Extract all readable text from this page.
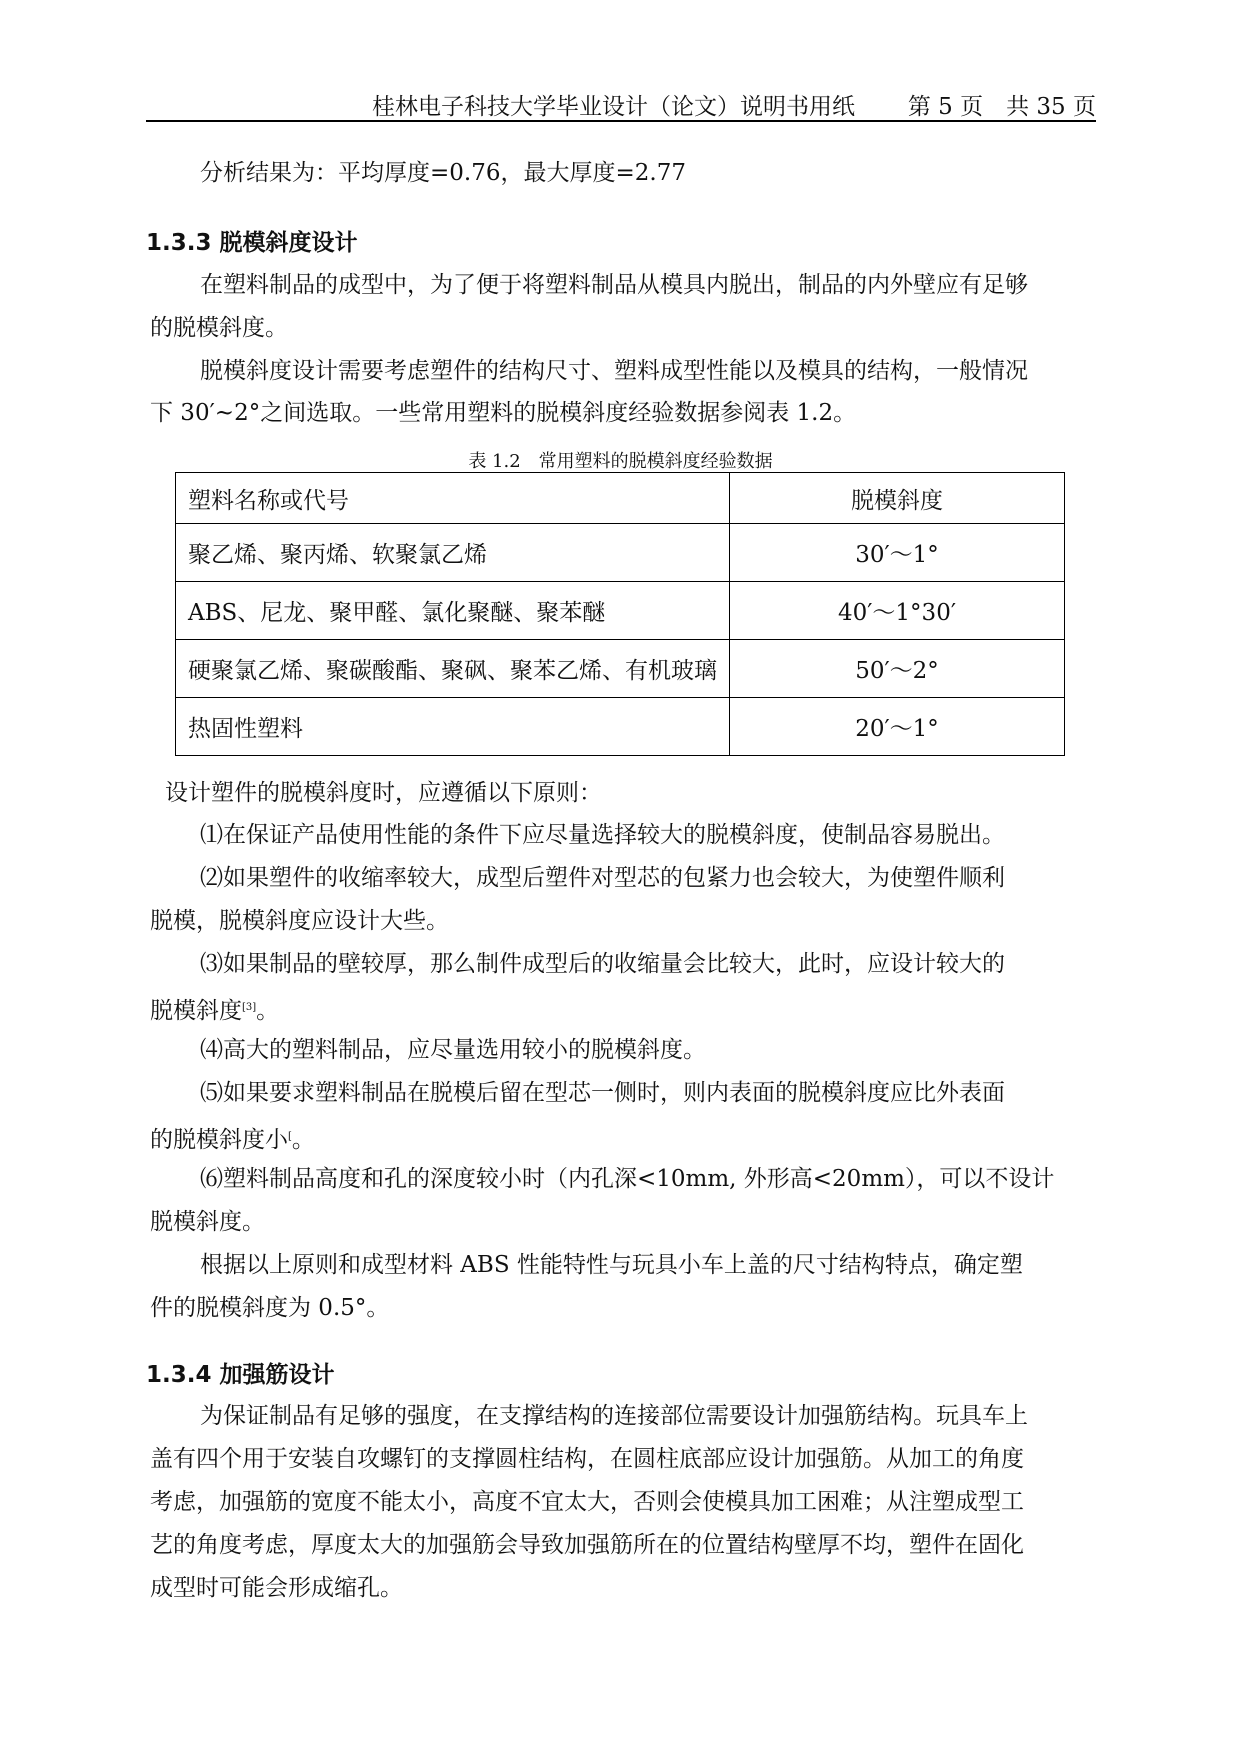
桂林电子科技大学毕业设计（论文）说明书用纸 第 5 页　共 35 页
分析结果为：平均厚度=0.76，最大厚度=2.77
1.3.3 脱模斜度设计
在塑料制品的成型中，为了便于将塑料制品从模具内脱出，制品的内外壁应有足够
的脱模斜度。
脱模斜度设计需要考虑塑件的结构尺寸、塑料成型性能以及模具的结构，一般情况
下 30′~2°之间选取。一些常用塑料的脱模斜度经验数据参阅表 1.2。
表 1.2　常用塑料的脱模斜度经验数据
塑料名称或代号	脱模斜度
聚乙烯、聚丙烯、软聚氯乙烯	30′～1°
ABS、尼龙、聚甲醛、氯化聚醚、聚苯醚	40′～1°30′
硬聚氯乙烯、聚碳酸酯、聚砜、聚苯乙烯、有机玻璃	50′～2°
热固性塑料	20′～1°
设计塑件的脱模斜度时，应遵循以下原则：
⑴在保证产品使用性能的条件下应尽量选择较大的脱模斜度，使制品容易脱出。
⑵如果塑件的收缩率较大，成型后塑件对型芯的包紧力也会较大，为使塑件顺利
脱模，脱模斜度应设计大些。
⑶如果制品的壁较厚，那么制件成型后的收缩量会比较大，此时，应设计较大的
脱模斜度[3]。
⑷高大的塑料制品，应尽量选用较小的脱模斜度。
⑸如果要求塑料制品在脱模后留在型芯一侧时，则内表面的脱模斜度应比外表面
的脱模斜度小[。
⑹塑料制品高度和孔的深度较小时（内孔深<10mm, 外形高<20mm），可以不设计
脱模斜度。
根据以上原则和成型材料 ABS 性能特性与玩具小车上盖的尺寸结构特点，确定塑
件的脱模斜度为 0.5°。
1.3.4 加强筋设计
为保证制品有足够的强度，在支撑结构的连接部位需要设计加强筋结构。玩具车上
盖有四个用于安装自攻螺钉的支撑圆柱结构，在圆柱底部应设计加强筋。从加工的角度
考虑，加强筋的宽度不能太小，高度不宜太大，否则会使模具加工困难；从注塑成型工
艺的角度考虑，厚度太大的加强筋会导致加强筋所在的位置结构壁厚不均，塑件在固化
成型时可能会形成缩孔。
